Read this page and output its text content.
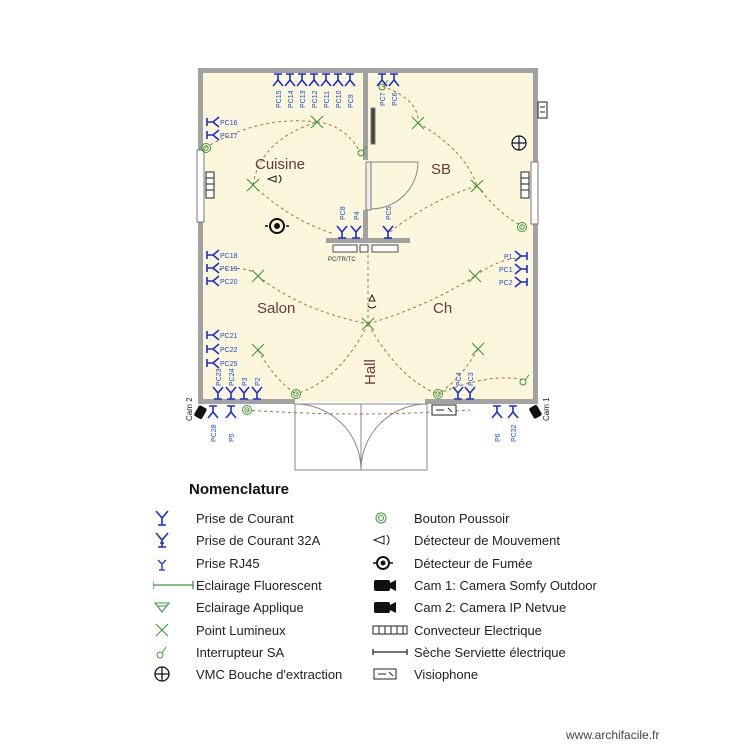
PC/TR/TC
Cam 2	Cam 1
Cuisine	SB
Salon	Ch
Hall
PC15 PC14 PC13 PC12 PC11 PC10 PC9	PC7 PC6
PC16
PC17
PC18
PC19
PC20
PC21
PC22
PC25
P1
PC1
PC2
PC23 PC24 P3 P2
PC28 P5
PC4 PC3
P6 PC32
PC8 P4	PC5
Nomenclature
Prise de Courant
Prise de Courant 32A
Prise RJ45
Eclairage Fluorescent
Eclairage Applique
Point Lumineux
Interrupteur SA
VMC Bouche d'extraction
Bouton Poussoir
Détecteur de Mouvement
Détecteur de Fumée
Cam 1: Camera Somfy Outdoor
Cam 2: Camera IP Netvue
Convecteur Electrique
Sèche Serviette électrique
Visiophone
www.archifacile.fr
